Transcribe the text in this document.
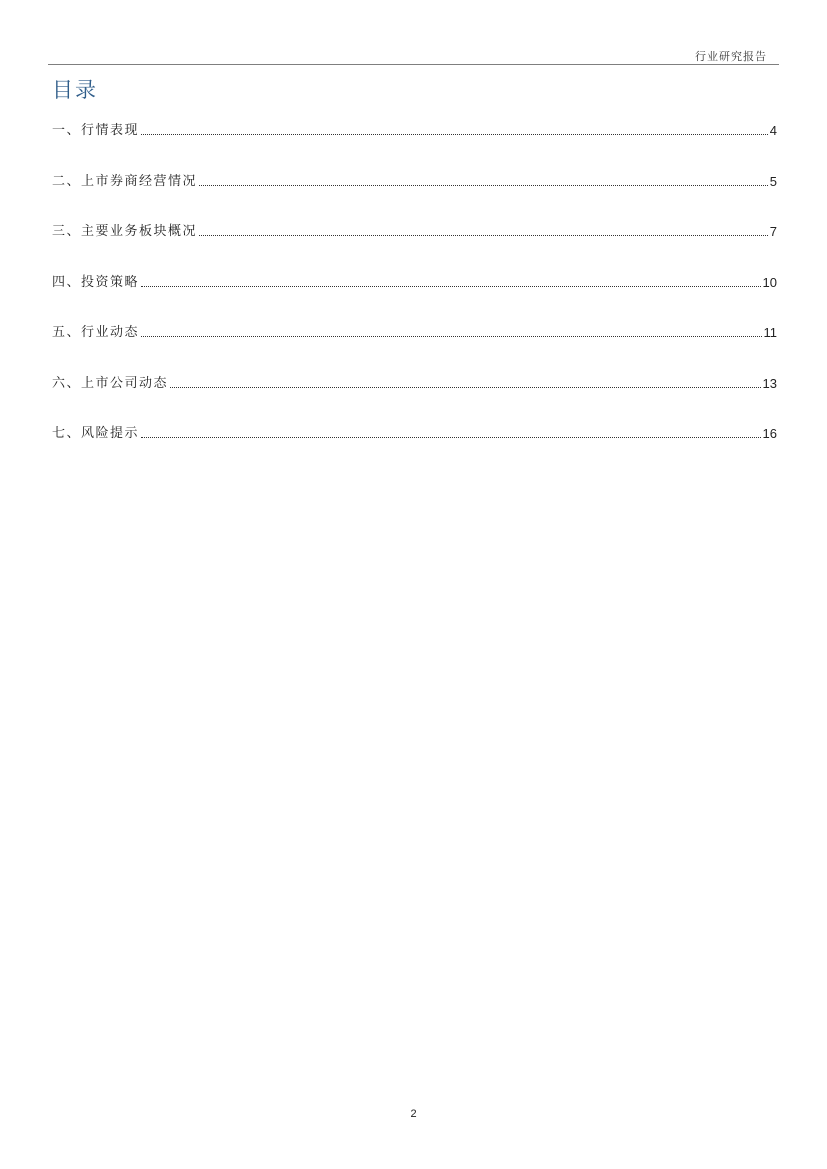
行业研究报告
目录
一、行情表现	4
二、上市券商经营情况	5
三、主要业务板块概况	7
四、投资策略	10
五、行业动态	11
六、上市公司动态	13
七、风险提示	16
2
